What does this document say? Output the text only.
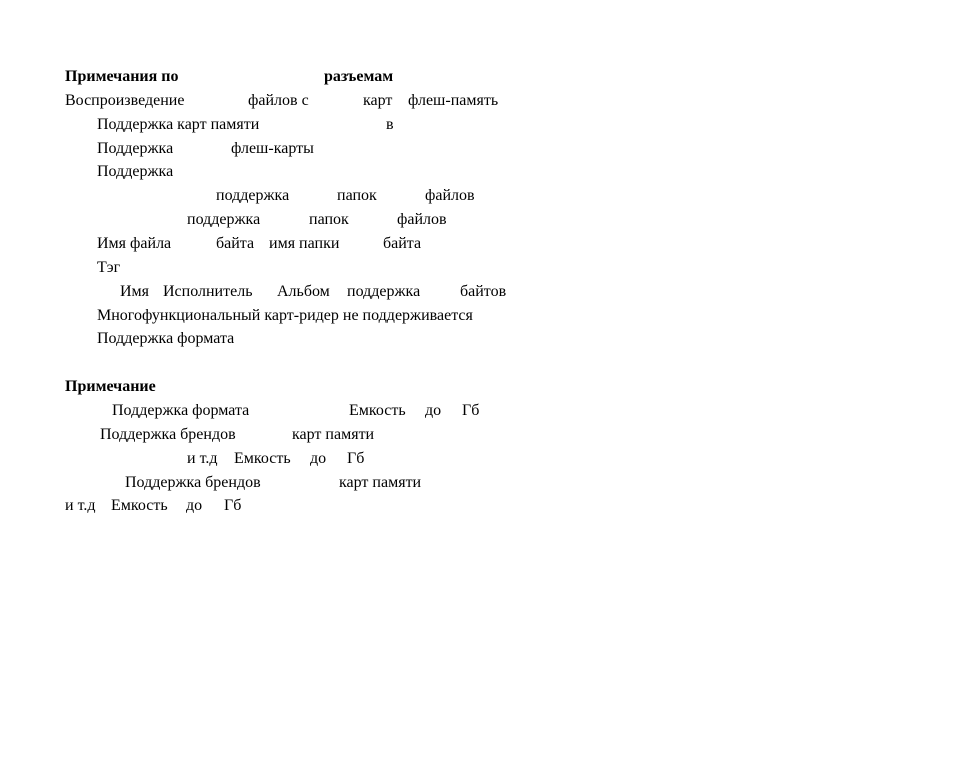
Примечания по	разъемам
Воспроизведение	файлов с	карт флеш-память
Поддержка карт памяти	в
Поддержка	флеш-карты
Поддержка
поддержка	папок	файлов
поддержка	папок	файлов
Имя файла	байта имя папки	байта
Тэг
Имя Исполнитель Альбом поддержка байтов
Многофункциональный карт-ридер не поддерживается
Поддержка формата
Примечание
Поддержка формата	Емкость до Гб
Поддержка брендов	карт памяти
и т.д Емкость до Гб
Поддержка брендов	карт памяти
и т.д Емкость до Гб
